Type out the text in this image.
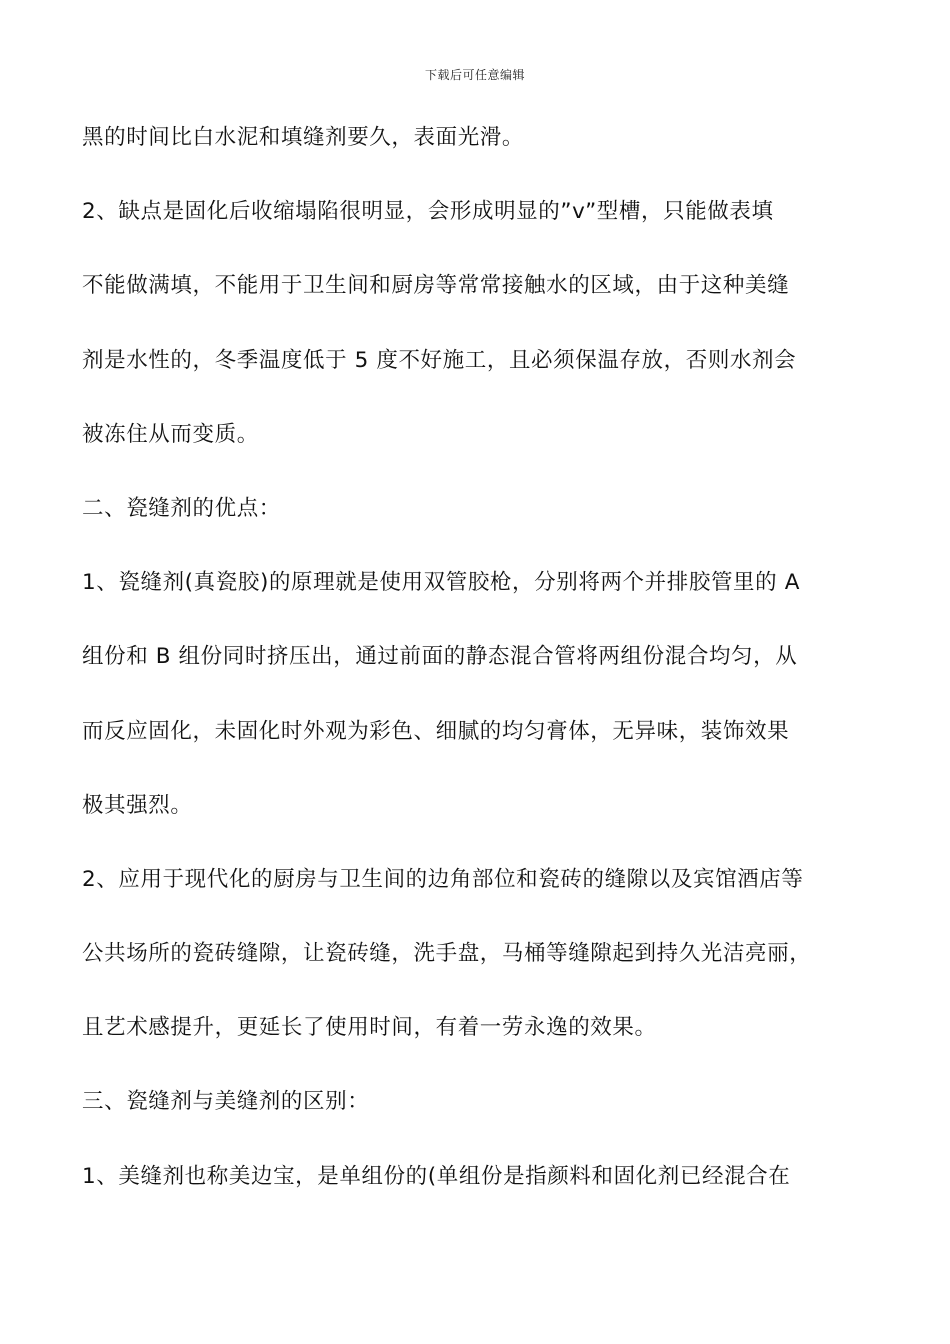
下载后可任意编辑
黑的时间比白水泥和填缝剂要久，表面光滑。
2、缺点是固化后收缩塌陷很明显，会形成明显的”v”型槽，只能做表填
不能做满填，不能用于卫生间和厨房等常常接触水的区域，由于这种美缝
剂是水性的，冬季温度低于 5 度不好施工，且必须保温存放，否则水剂会
被冻住从而变质。
二、瓷缝剂的优点：
1、瓷缝剂(真瓷胶)的原理就是使用双管胶枪，分别将两个并排胶管里的 A
组份和 B 组份同时挤压出，通过前面的静态混合管将两组份混合均匀，从
而反应固化，未固化时外观为彩色、细腻的均匀膏体，无异味，装饰效果
极其强烈。
2、应用于现代化的厨房与卫生间的边角部位和瓷砖的缝隙以及宾馆酒店等
公共场所的瓷砖缝隙，让瓷砖缝，洗手盘，马桶等缝隙起到持久光洁亮丽，
且艺术感提升，更延长了使用时间，有着一劳永逸的效果。
三、瓷缝剂与美缝剂的区别：
1、美缝剂也称美边宝，是单组份的(单组份是指颜料和固化剂已经混合在
